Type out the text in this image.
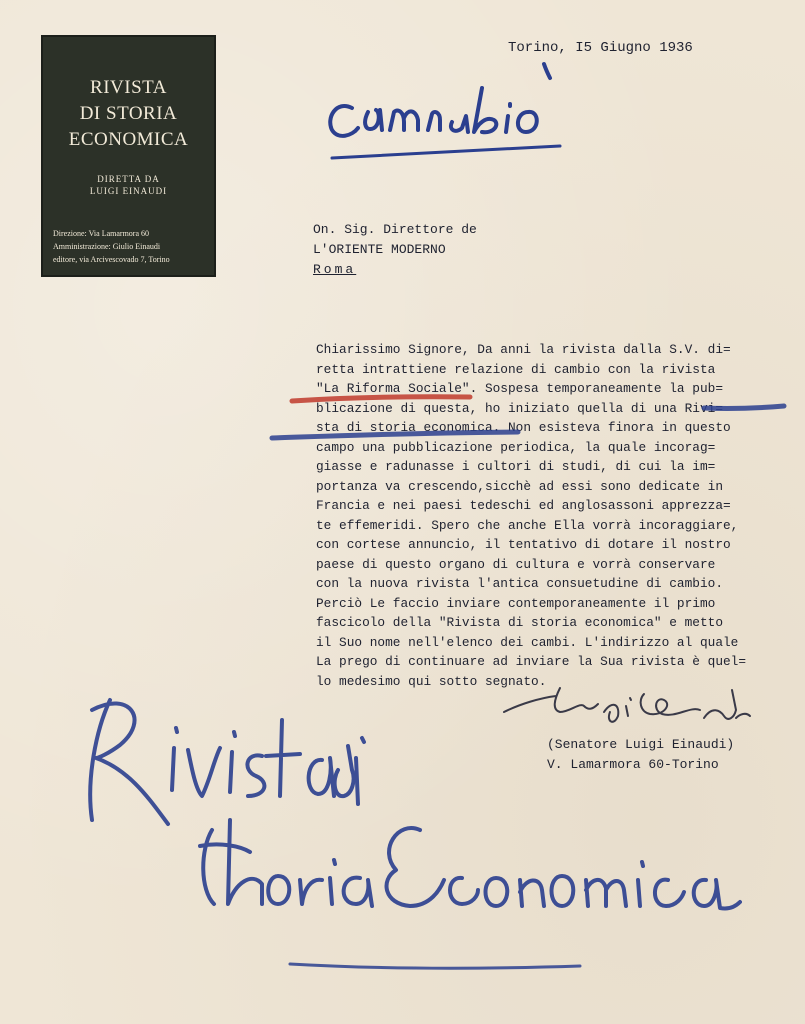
RIVISTA
DI STORIA
ECONOMICA
DIRETTA DA
LUIGI EINAUDI
Direzione: Via Lamarmora 60
Amministrazione: Giulio Einaudi
editore, via Arcivescovado 7, Torino
Torino, I5 Giugno 1936
On. Sig. Direttore de
L'ORIENTE MODERNO
Roma
Chiarissimo Signore, Da anni la rivista dalla S.V. di=
retta intrattiene relazione di cambio con la rivista
"La Riforma Sociale". Sospesa temporaneamente la pub=
blicazione di questa, ho iniziato quella di una Rivi=
sta di storia economica. Non esisteva finora in questo
campo una pubblicazione periodica, la quale incorag=
giasse e radunasse i cultori di studi, di cui la im=
portanza va crescendo,sicchè ad essi sono dedicate in
Francia e nei paesi tedeschi ed anglosassoni apprezza=
te effemeridi. Spero che anche Ella vorrà incoraggiare,
con cortese annuncio, il tentativo di dotare il nostro
paese di questo organo di cultura e vorrà conservare
con la nuova rivista l'antica consuetudine di cambio.
Perciò Le faccio inviare contemporaneamente il primo
fascicolo della "Rivista di storia economica" e metto
il Suo nome nell'elenco dei cambi. L'indirizzo al quale
La prego di continuare ad inviare la Sua rivista è quel=
lo medesimo qui sotto segnato.
(Senatore Luigi Einaudi)
V. Lamarmora 60-Torino
